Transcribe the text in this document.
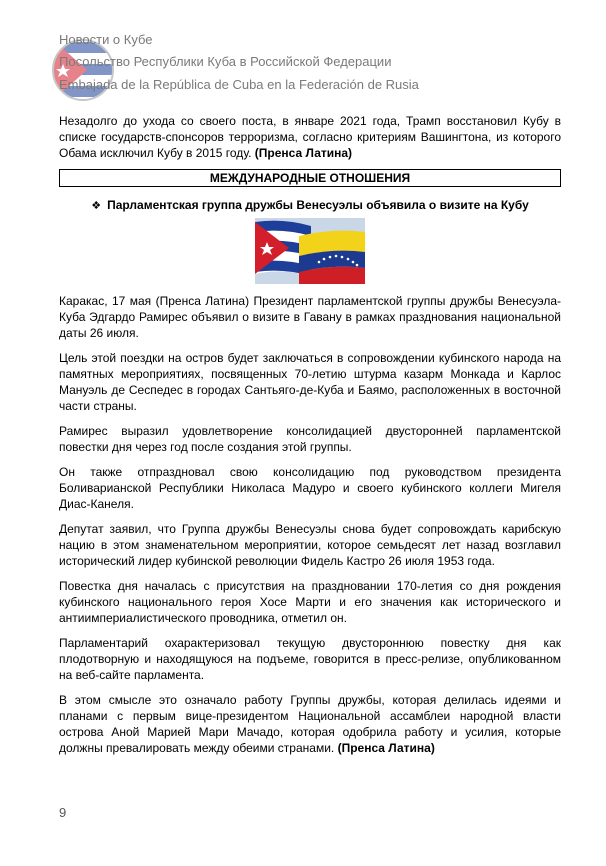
Новости о Кубе
Посольство Республики Куба в Российской Федерации
Embajada de la República de Cuba en la Federación de Rusia

Незадолго до ухода со своего поста, в январе 2021 года, Трамп восстановил Кубу в списке государств-спонсоров терроризма, согласно критериям Вашингтона, из которого Обама исключил Кубу в 2015 году. (Пренса Латина)

МЕЖДУНАРОДНЫЕ ОТНОШЕНИЯ
❖ Парламентская группа дружбы Венесуэлы объявила о визите на Кубу

Каракас, 17 мая (Пренса Латина) Президент парламентской группы дружбы Венесуэла-Куба Эдгардо Рамирес объявил о визите в Гавану в рамках празднования национальной даты 26 июля.

Цель этой поездки на остров будет заключаться в сопровождении кубинского народа на памятных мероприятиях, посвященных 70-летию штурма казарм Монкада и Карлос Мануэль де Сеспедес в городах Сантьяго-де-Куба и Баямо, расположенных в восточной части страны.

Рамирес выразил удовлетворение консолидацией двусторонней парламентской повестки дня через год после создания этой группы.

Он также отпраздновал свою консолидацию под руководством президента Боливарианской Республики Николаса Мадуро и своего кубинского коллеги Мигеля Диас-Канеля.

Депутат заявил, что Группа дружбы Венесуэлы снова будет сопровождать карибскую нацию в этом знаменательном мероприятии, которое семьдесят лет назад возглавил исторический лидер кубинской революции Фидель Кастро 26 июля 1953 года.

Повестка дня началась с присутствия на праздновании 170-летия со дня рождения кубинского национального героя Хосе Марти и его значения как исторического и антиимпериалистического проводника, отметил он.

Парламентарий охарактеризовал текущую двустороннюю повестку дня как плодотворную и находящуюся на подъеме, говорится в пресс-релизе, опубликованном на веб-сайте парламента.

В этом смысле это означало работу Группы дружбы, которая делилась идеями и планами с первым вице-президентом Национальной ассамблеи народной власти острова Аной Марией Мари Мачадо, которая одобрила работу и усилия, которые должны превалировать между обеими странами. (Пренса Латина)

9
